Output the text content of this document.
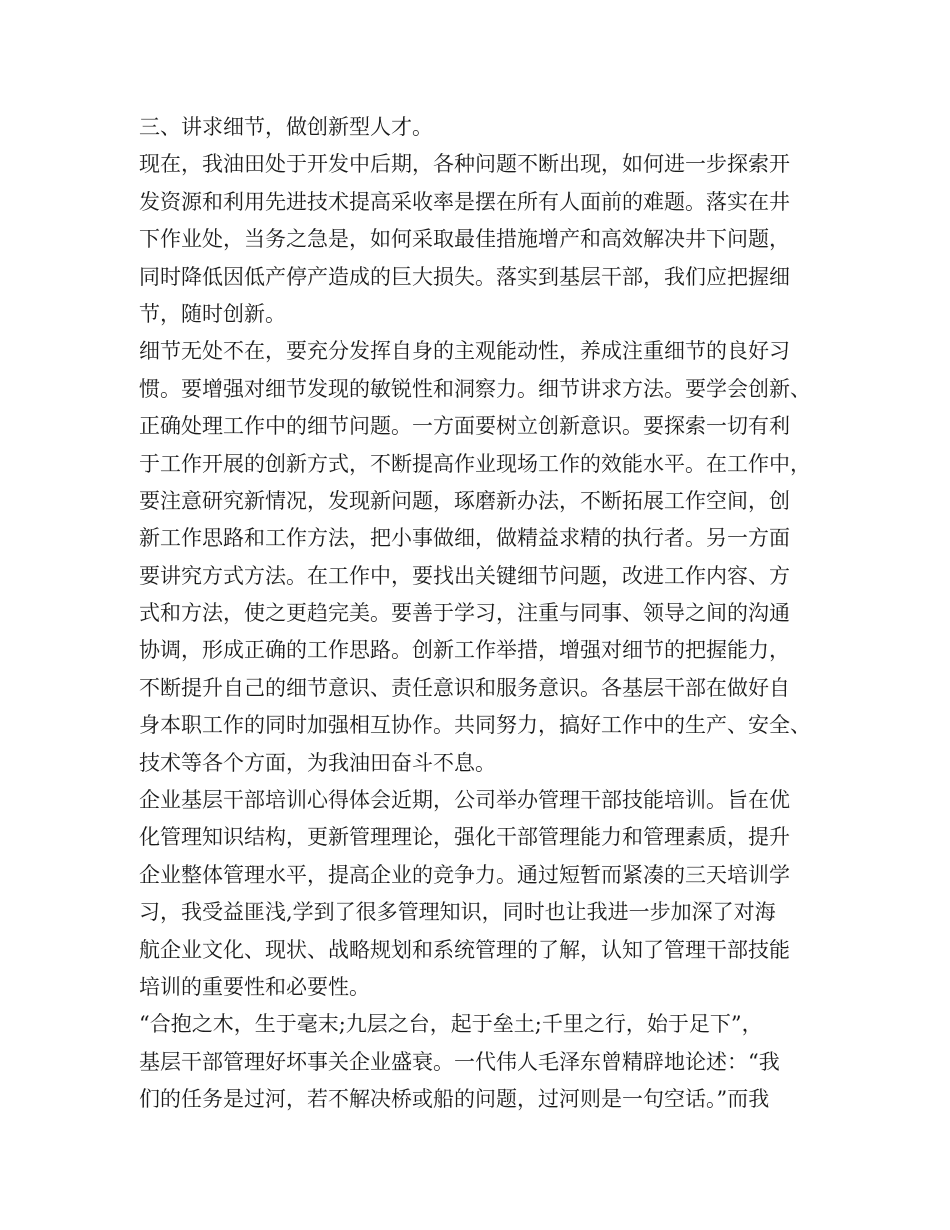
三、讲求细节，做创新型人才。
现在，我油田处于开发中后期，各种问题不断出现，如何进一步探索开
发资源和利用先进技术提高采收率是摆在所有人面前的难题。落实在井
下作业处，当务之急是，如何采取最佳措施增产和高效解决井下问题，
同时降低因低产停产造成的巨大损失。落实到基层干部，我们应把握细
节，随时创新。
细节无处不在，要充分发挥自身的主观能动性，养成注重细节的良好习
惯。要增强对细节发现的敏锐性和洞察力。细节讲求方法。要学会创新、
正确处理工作中的细节问题。一方面要树立创新意识。要探索一切有利
于工作开展的创新方式，不断提高作业现场工作的效能水平。在工作中，
要注意研究新情况，发现新问题，琢磨新办法，不断拓展工作空间，创
新工作思路和工作方法，把小事做细，做精益求精的执行者。另一方面
要讲究方式方法。在工作中，要找出关键细节问题，改进工作内容、方
式和方法，使之更趋完美。要善于学习，注重与同事、领导之间的沟通
协调，形成正确的工作思路。创新工作举措，增强对细节的把握能力，
不断提升自己的细节意识、责任意识和服务意识。各基层干部在做好自
身本职工作的同时加强相互协作。共同努力，搞好工作中的生产、安全、
技术等各个方面，为我油田奋斗不息。
企业基层干部培训心得体会近期，公司举办管理干部技能培训。旨在优
化管理知识结构，更新管理理论，强化干部管理能力和管理素质，提升
企业整体管理水平，提高企业的竞争力。通过短暂而紧凑的三天培训学
习，我受益匪浅,学到了很多管理知识，同时也让我进一步加深了对海
航企业文化、现状、战略规划和系统管理的了解，认知了管理干部技能
培训的重要性和必要性。
“合抱之木，生于毫末;九层之台，起于垒土;千里之行，始于足下”，
基层干部管理好坏事关企业盛衰。一代伟人毛泽东曾精辟地论述：“我
们的任务是过河，若不解决桥或船的问题，过河则是一句空话。”而我
